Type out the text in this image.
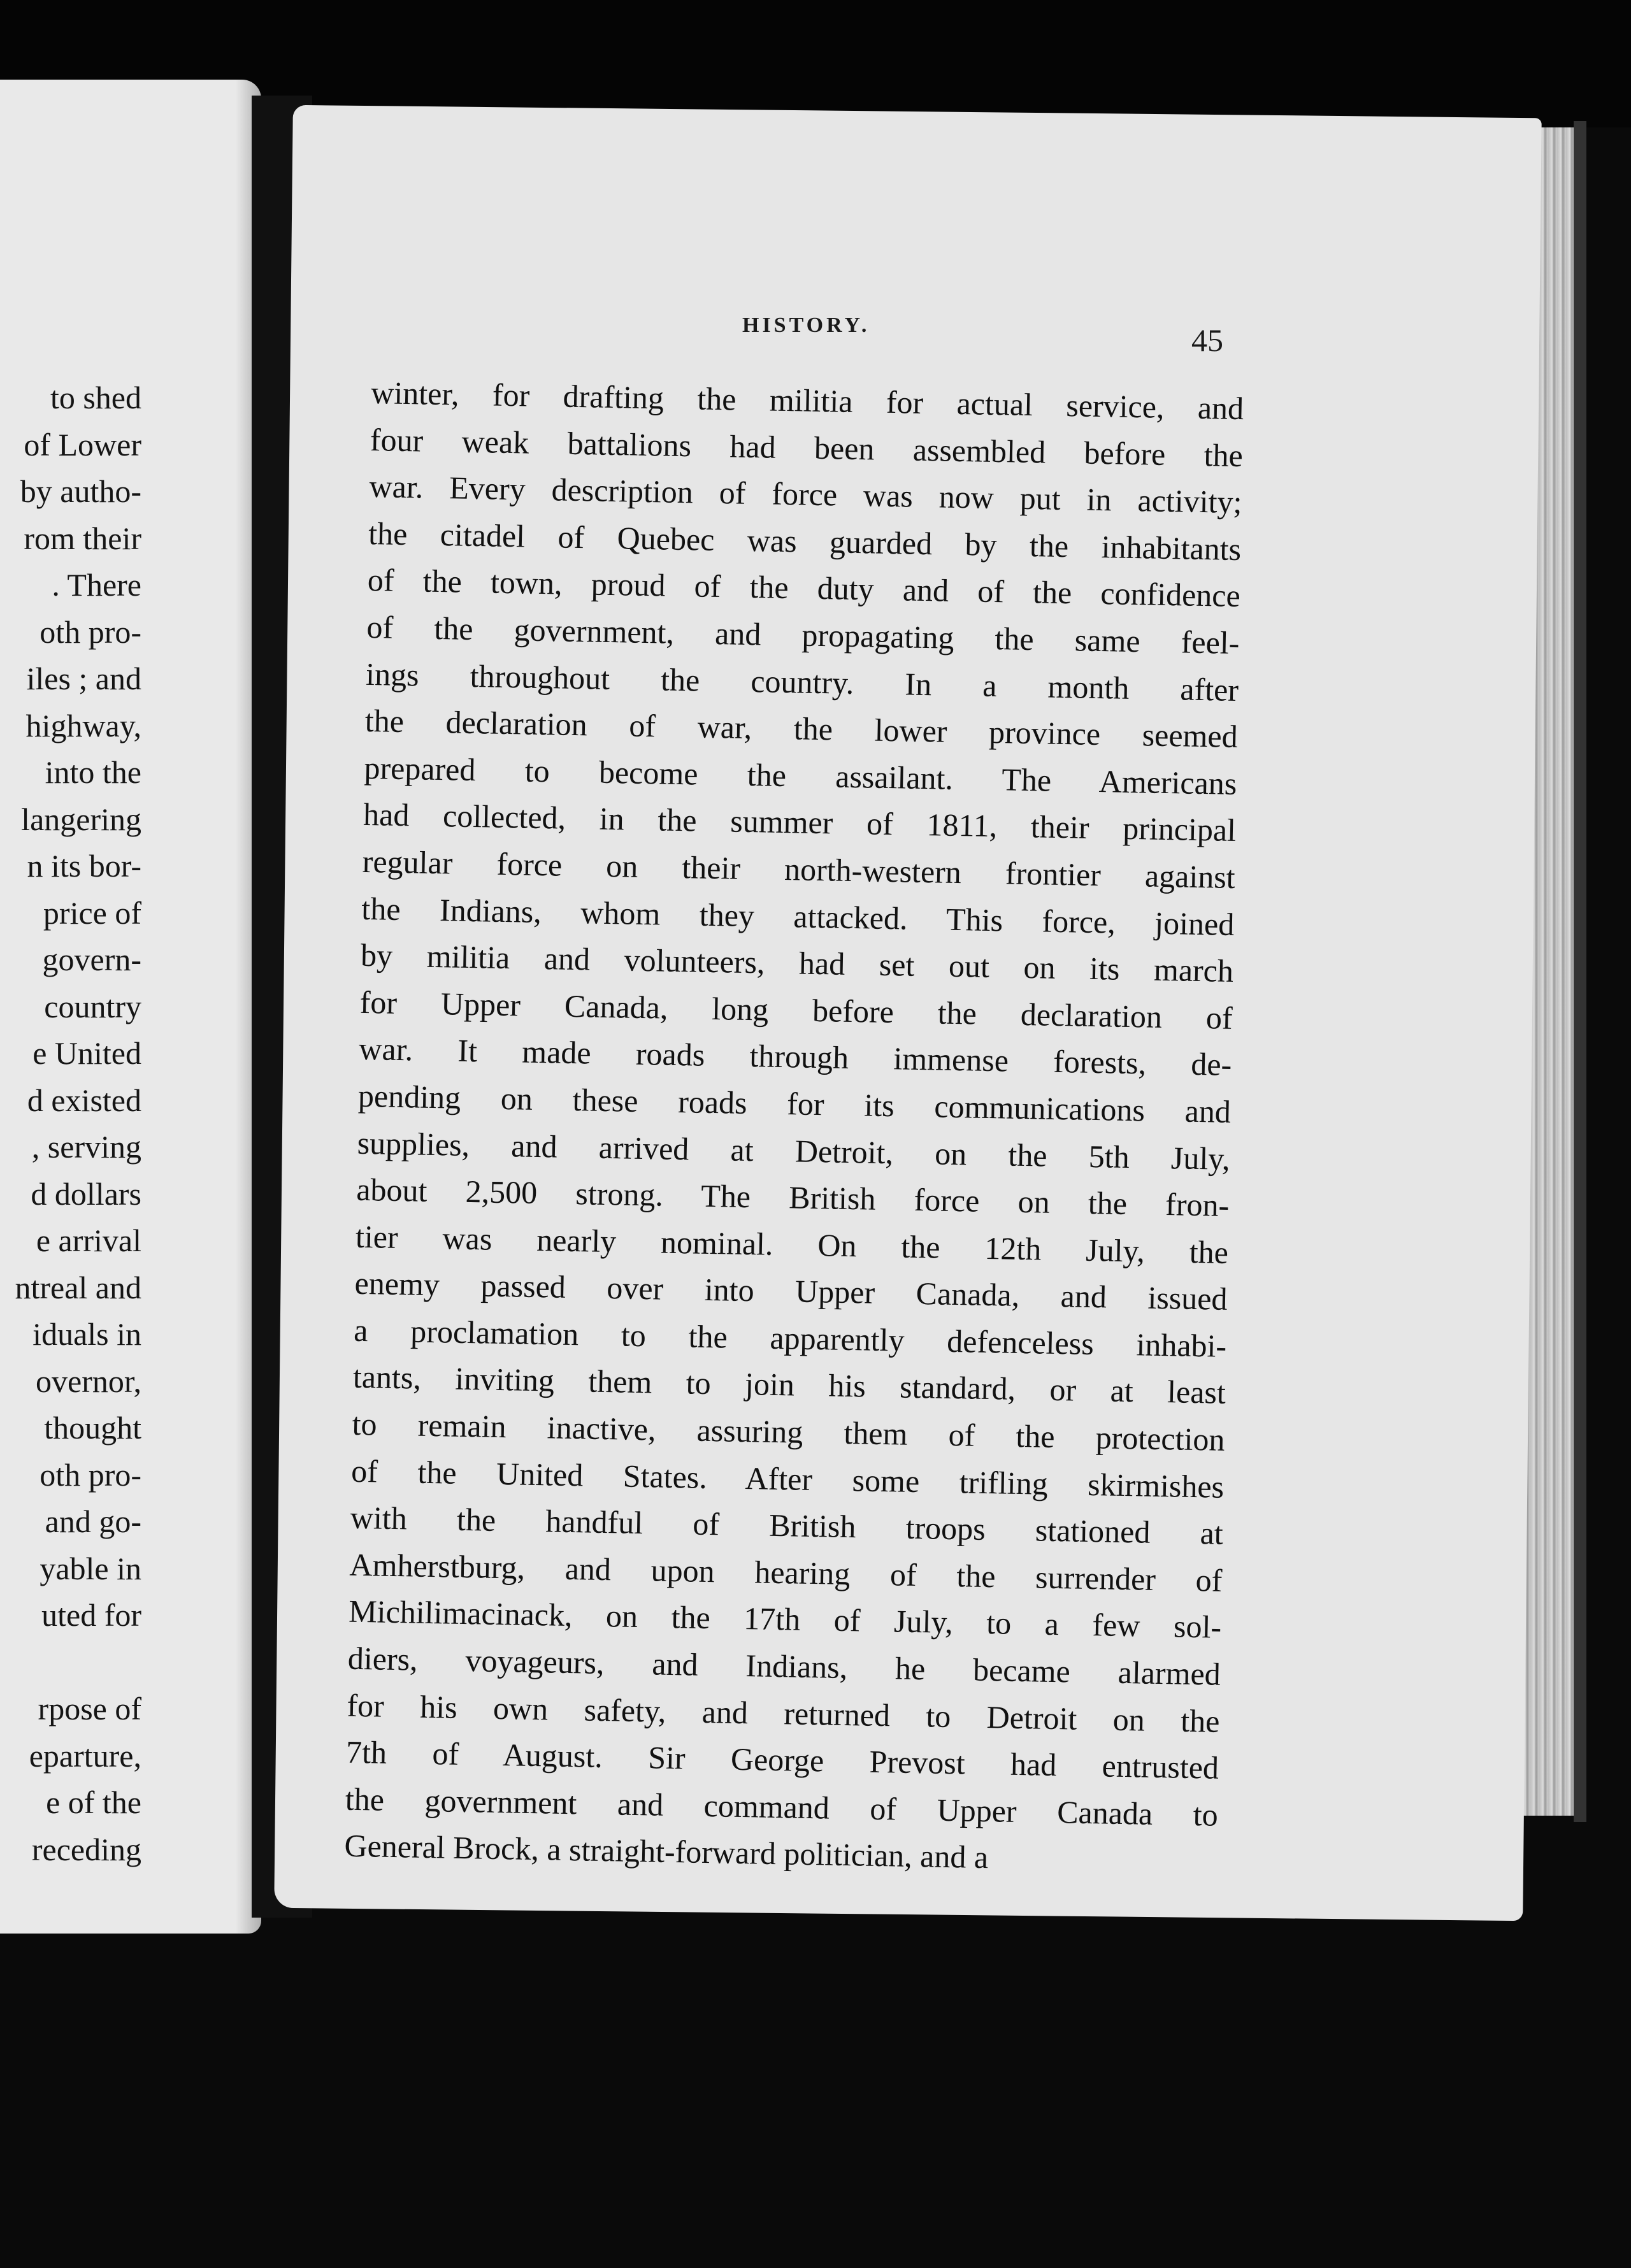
to shed
of Lower
by autho-
rom their
. There
oth pro-
iles ; and
highway,
into the
langering
n its bor-
price of
govern-
country
e United
d existed
, serving
d dollars
e arrival
ntreal and
iduals in
overnor,
thought
oth pro-
and go-
yable in
uted for
rpose of
eparture,
e of the
receding
HISTORY.	45
winter, for drafting the militia for actual service, and
four weak battalions had been assembled before the
war. Every description of force was now put in activity;
the citadel of Quebec was guarded by the inhabitants
of the town, proud of the duty and of the confidence
of the government, and propagating the same feel-
ings throughout the country. In a month after
the declaration of war, the lower province seemed
prepared to become the assailant. The Americans
had collected, in the summer of 1811, their principal
regular force on their north-western frontier against
the Indians, whom they attacked. This force, joined
by militia and volunteers, had set out on its march
for Upper Canada, long before the declaration of
war. It made roads through immense forests, de-
pending on these roads for its communications and
supplies, and arrived at Detroit, on the 5th July,
about 2,500 strong. The British force on the fron-
tier was nearly nominal. On the 12th July, the
enemy passed over into Upper Canada, and issued
a proclamation to the apparently defenceless inhabi-
tants, inviting them to join his standard, or at least
to remain inactive, assuring them of the protection
of the United States. After some trifling skirmishes
with the handful of British troops stationed at
Amherstburg, and upon hearing of the surrender of
Michilimacinack, on the 17th of July, to a few sol-
diers, voyageurs, and Indians, he became alarmed
for his own safety, and returned to Detroit on the
7th of August. Sir George Prevost had entrusted
the government and command of Upper Canada to
General Brock, a straight-forward politician, and a
